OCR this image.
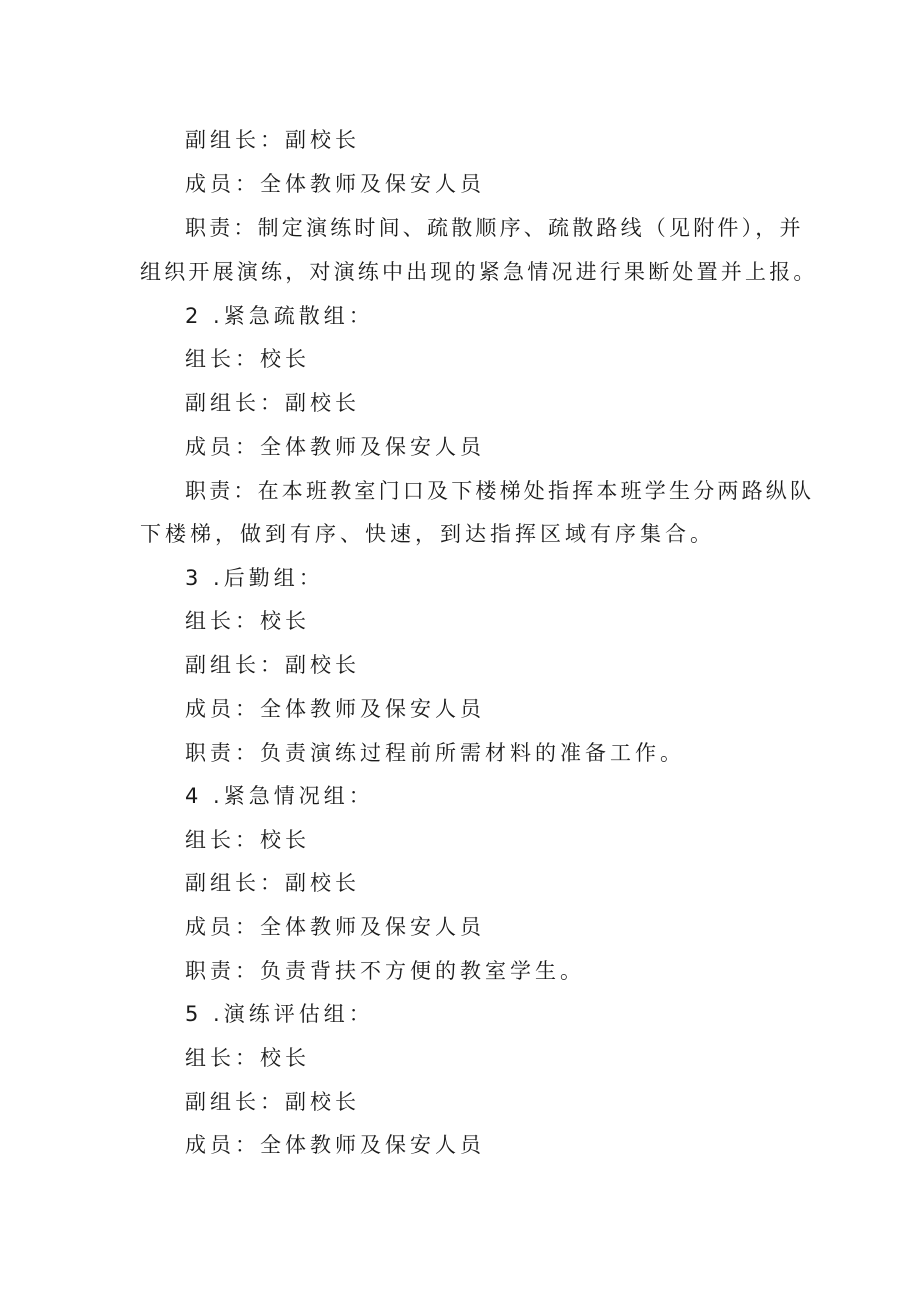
副组长：副校长
成员：全体教师及保安人员
职责：制定演练时间、疏散顺序、疏散路线（见附件），并
组织开展演练，对演练中出现的紧急情况进行果断处置并上报。
2 .紧急疏散组：
组长：校长
副组长：副校长
成员：全体教师及保安人员
职责：在本班教室门口及下楼梯处指挥本班学生分两路纵队
下楼梯，做到有序、快速，到达指挥区域有序集合。
3 .后勤组：
组长：校长
副组长：副校长
成员：全体教师及保安人员
职责：负责演练过程前所需材料的准备工作。
4 .紧急情况组：
组长：校长
副组长：副校长
成员：全体教师及保安人员
职责：负责背扶不方便的教室学生。
5 .演练评估组：
组长：校长
副组长：副校长
成员：全体教师及保安人员
